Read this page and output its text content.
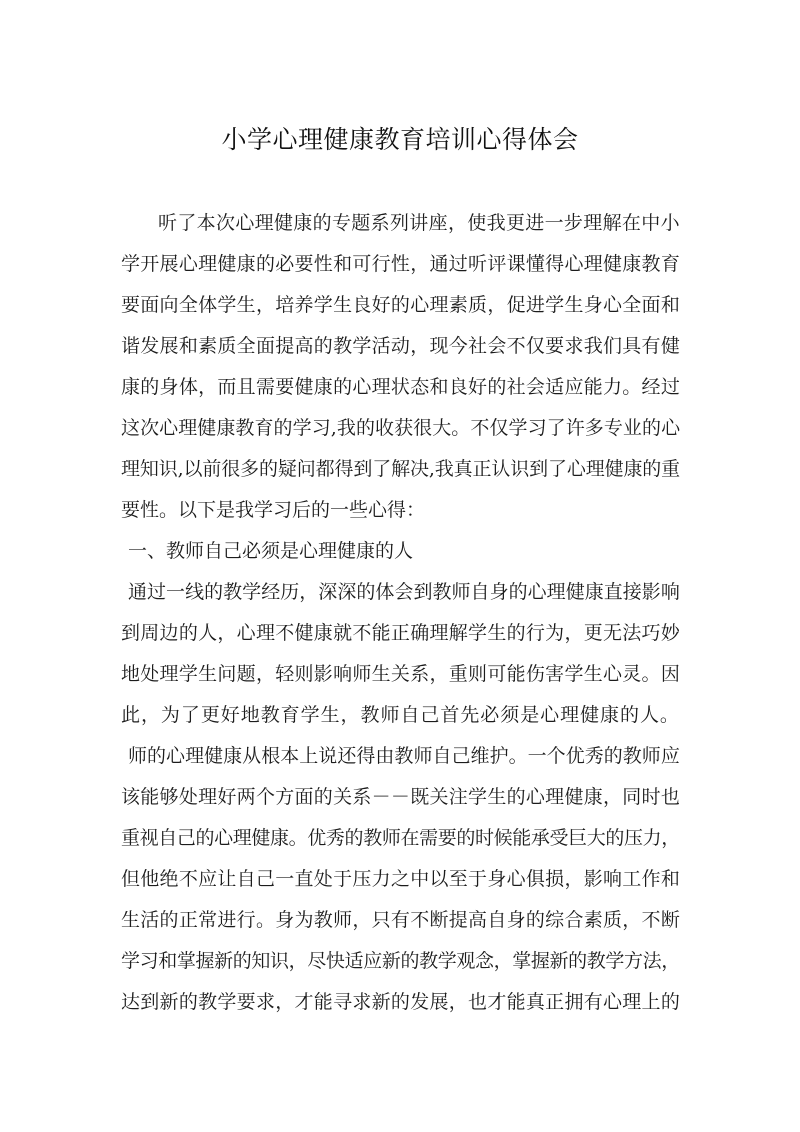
小学心理健康教育培训心得体会

听了本次心理健康的专题系列讲座，使我更进一步理解在中小

学开展心理健康的必要性和可行性，通过听评课懂得心理健康教育

要面向全体学生，培养学生良好的心理素质，促进学生身心全面和

谐发展和素质全面提高的教学活动，现今社会不仅要求我们具有健

康的身体，而且需要健康的心理状态和良好的社会适应能力。经过

这次心理健康教育的学习,我的收获很大。不仅学习了许多专业的心

理知识,以前很多的疑问都得到了解决,我真正认识到了心理健康的重

要性。以下是我学习后的一些心得：

一、教师自己必须是心理健康的人

通过一线的教学经历，深深的体会到教师自身的心理健康直接影响

到周边的人，心理不健康就不能正确理解学生的行为，更无法巧妙

地处理学生问题，轻则影响师生关系，重则可能伤害学生心灵。因

此，为了更好地教育学生，教师自己首先必须是心理健康的人。

师的心理健康从根本上说还得由教师自己维护。一个优秀的教师应

该能够处理好两个方面的关系－－既关注学生的心理健康，同时也

重视自己的心理健康。优秀的教师在需要的时候能承受巨大的压力，

但他绝不应让自己一直处于压力之中以至于身心俱损，影响工作和

生活的正常进行。身为教师，只有不断提高自身的综合素质，不断

学习和掌握新的知识，尽快适应新的教学观念，掌握新的教学方法，

达到新的教学要求，才能寻求新的发展，也才能真正拥有心理上的
